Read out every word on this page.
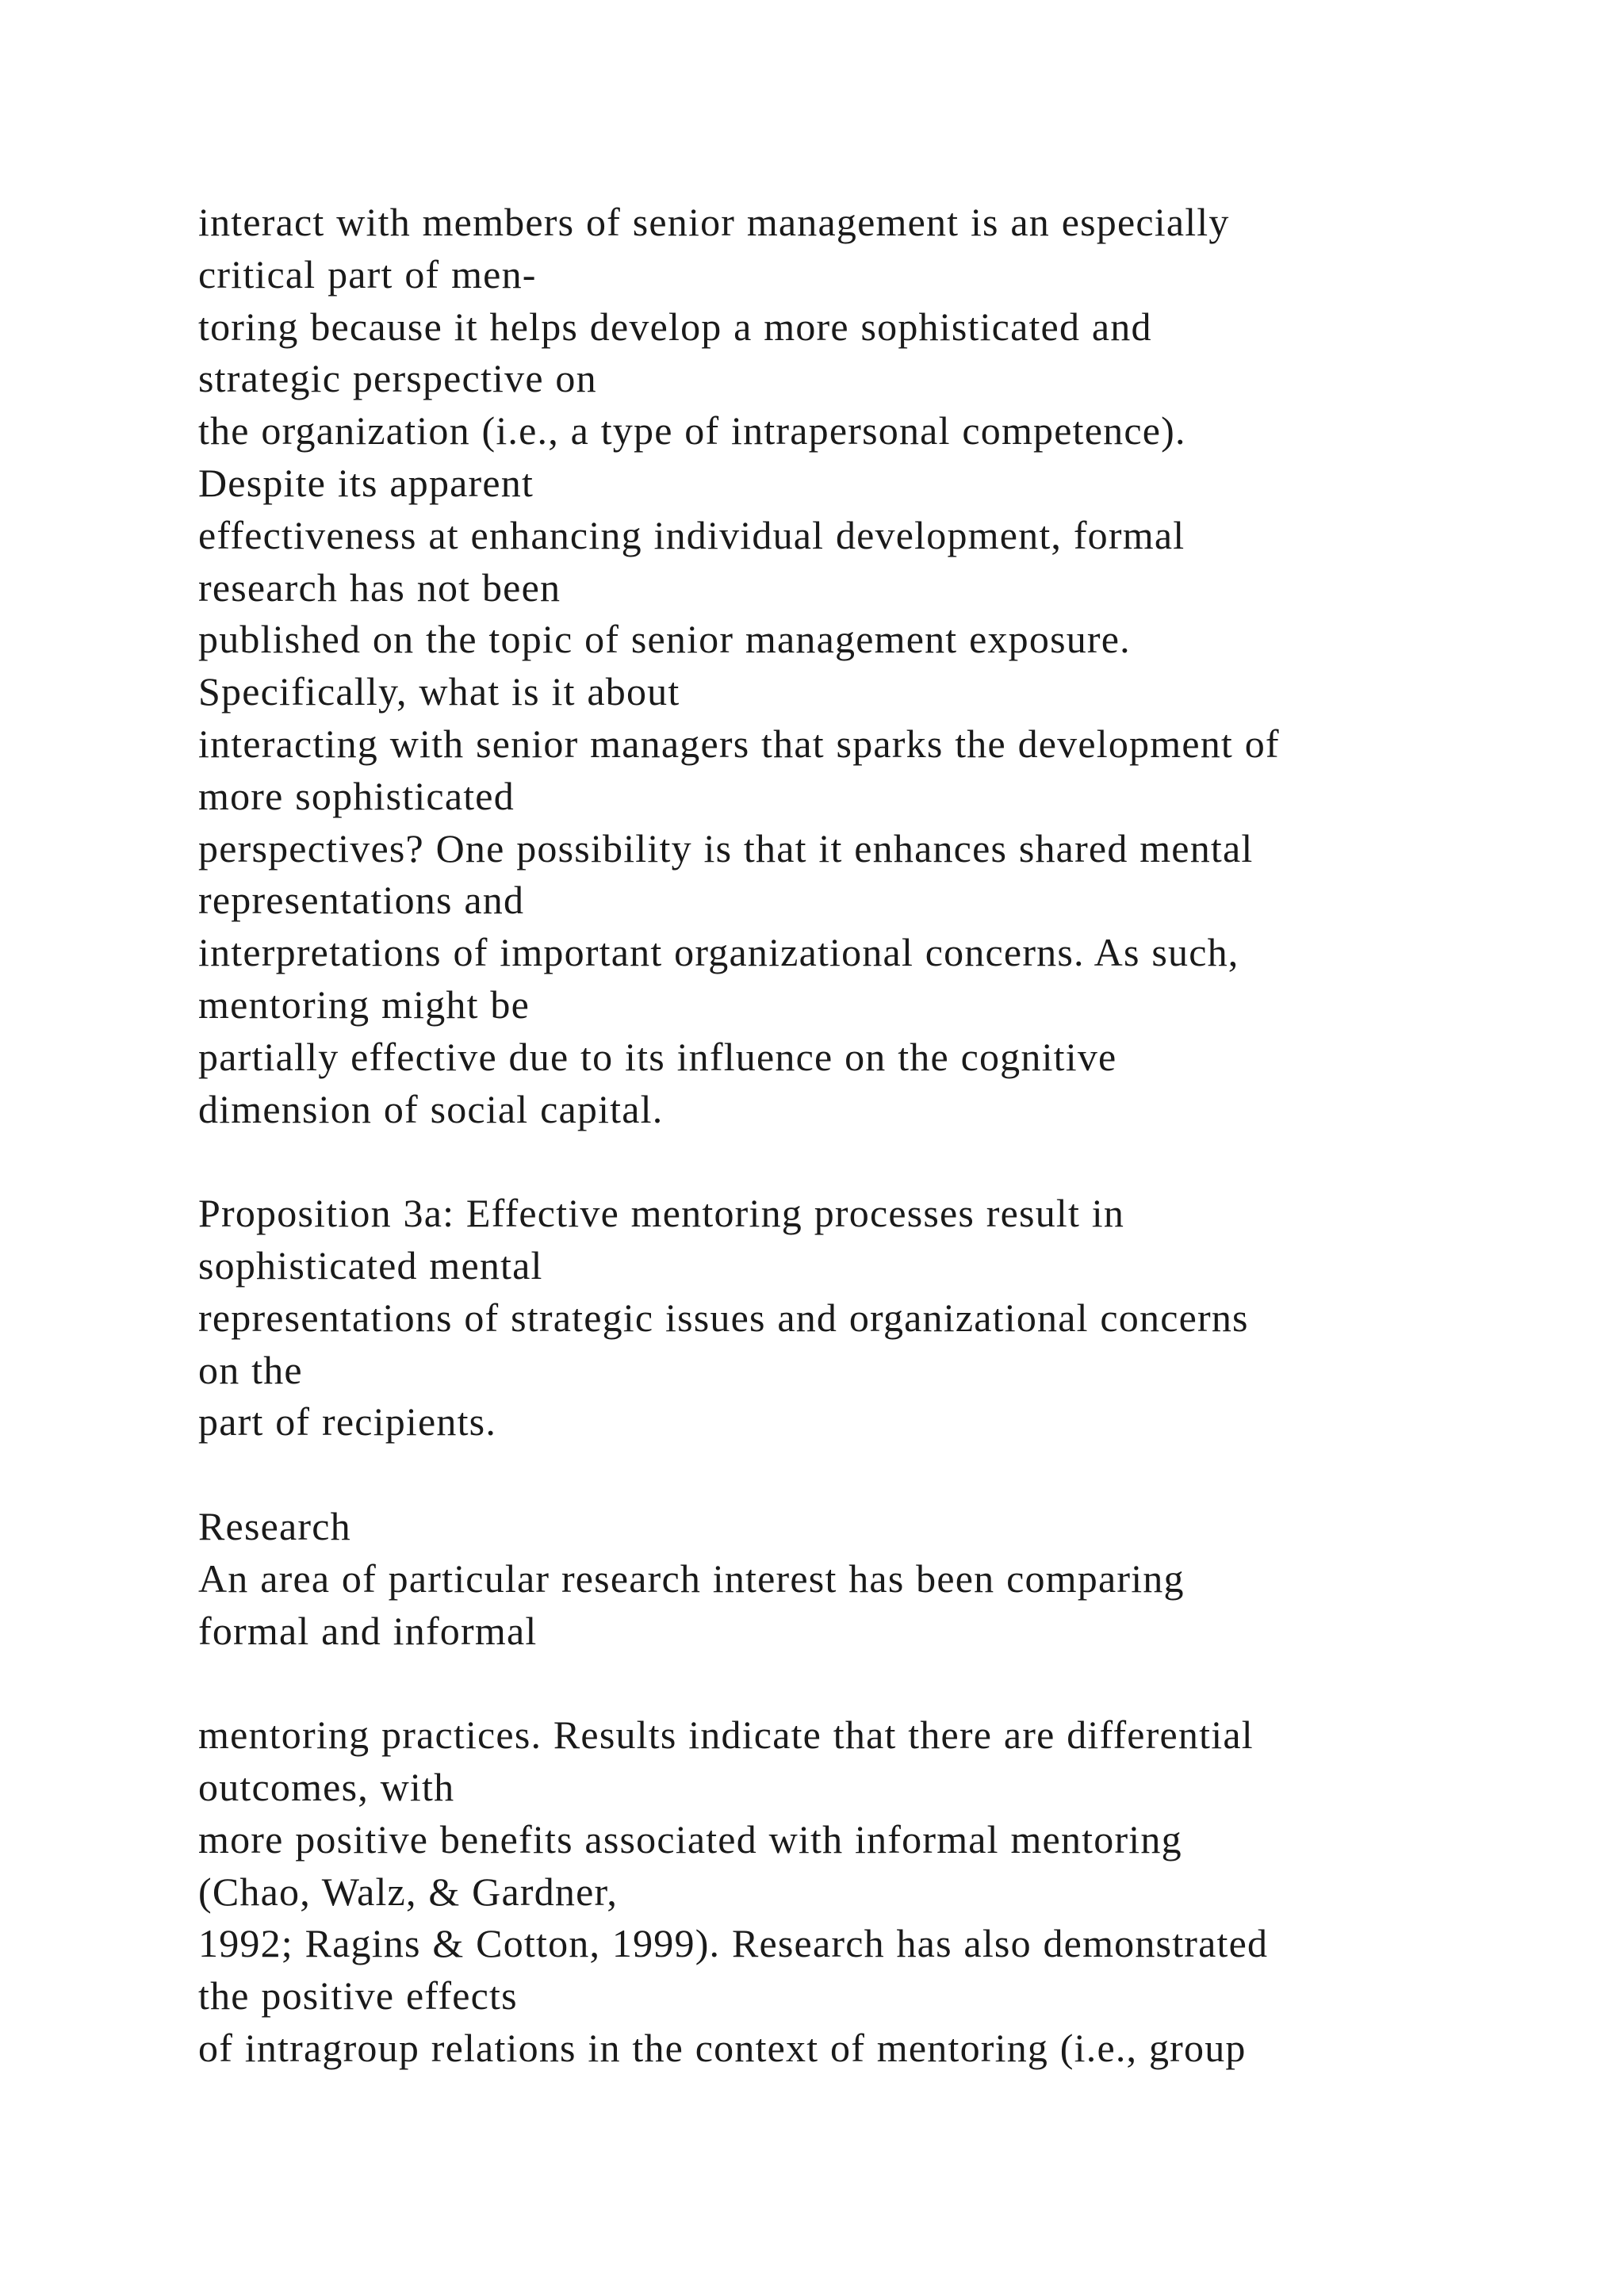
interact with members of senior management is an especially
critical part of men-
toring because it helps develop a more sophisticated and
strategic perspective on
the organization (i.e., a type of intrapersonal competence).
Despite its apparent
effectiveness at enhancing individual development, formal
research has not been
published on the topic of senior management exposure.
Specifically, what is it about
interacting with senior managers that sparks the development of
more sophisticated
perspectives? One possibility is that it enhances shared mental
representations and
interpretations of important organizational concerns. As such,
mentoring might be
partially effective due to its influence on the cognitive
dimension of social capital.
Proposition 3a: Effective mentoring processes result in
sophisticated mental
representations of strategic issues and organizational concerns
on the
part of recipients.
Research
An area of particular research interest has been comparing
formal and informal
mentoring practices. Results indicate that there are differential
outcomes, with
more positive benefits associated with informal mentoring
(Chao, Walz, & Gardner,
1992; Ragins & Cotton, 1999). Research has also demonstrated
the positive effects
of intragroup relations in the context of mentoring (i.e., group
